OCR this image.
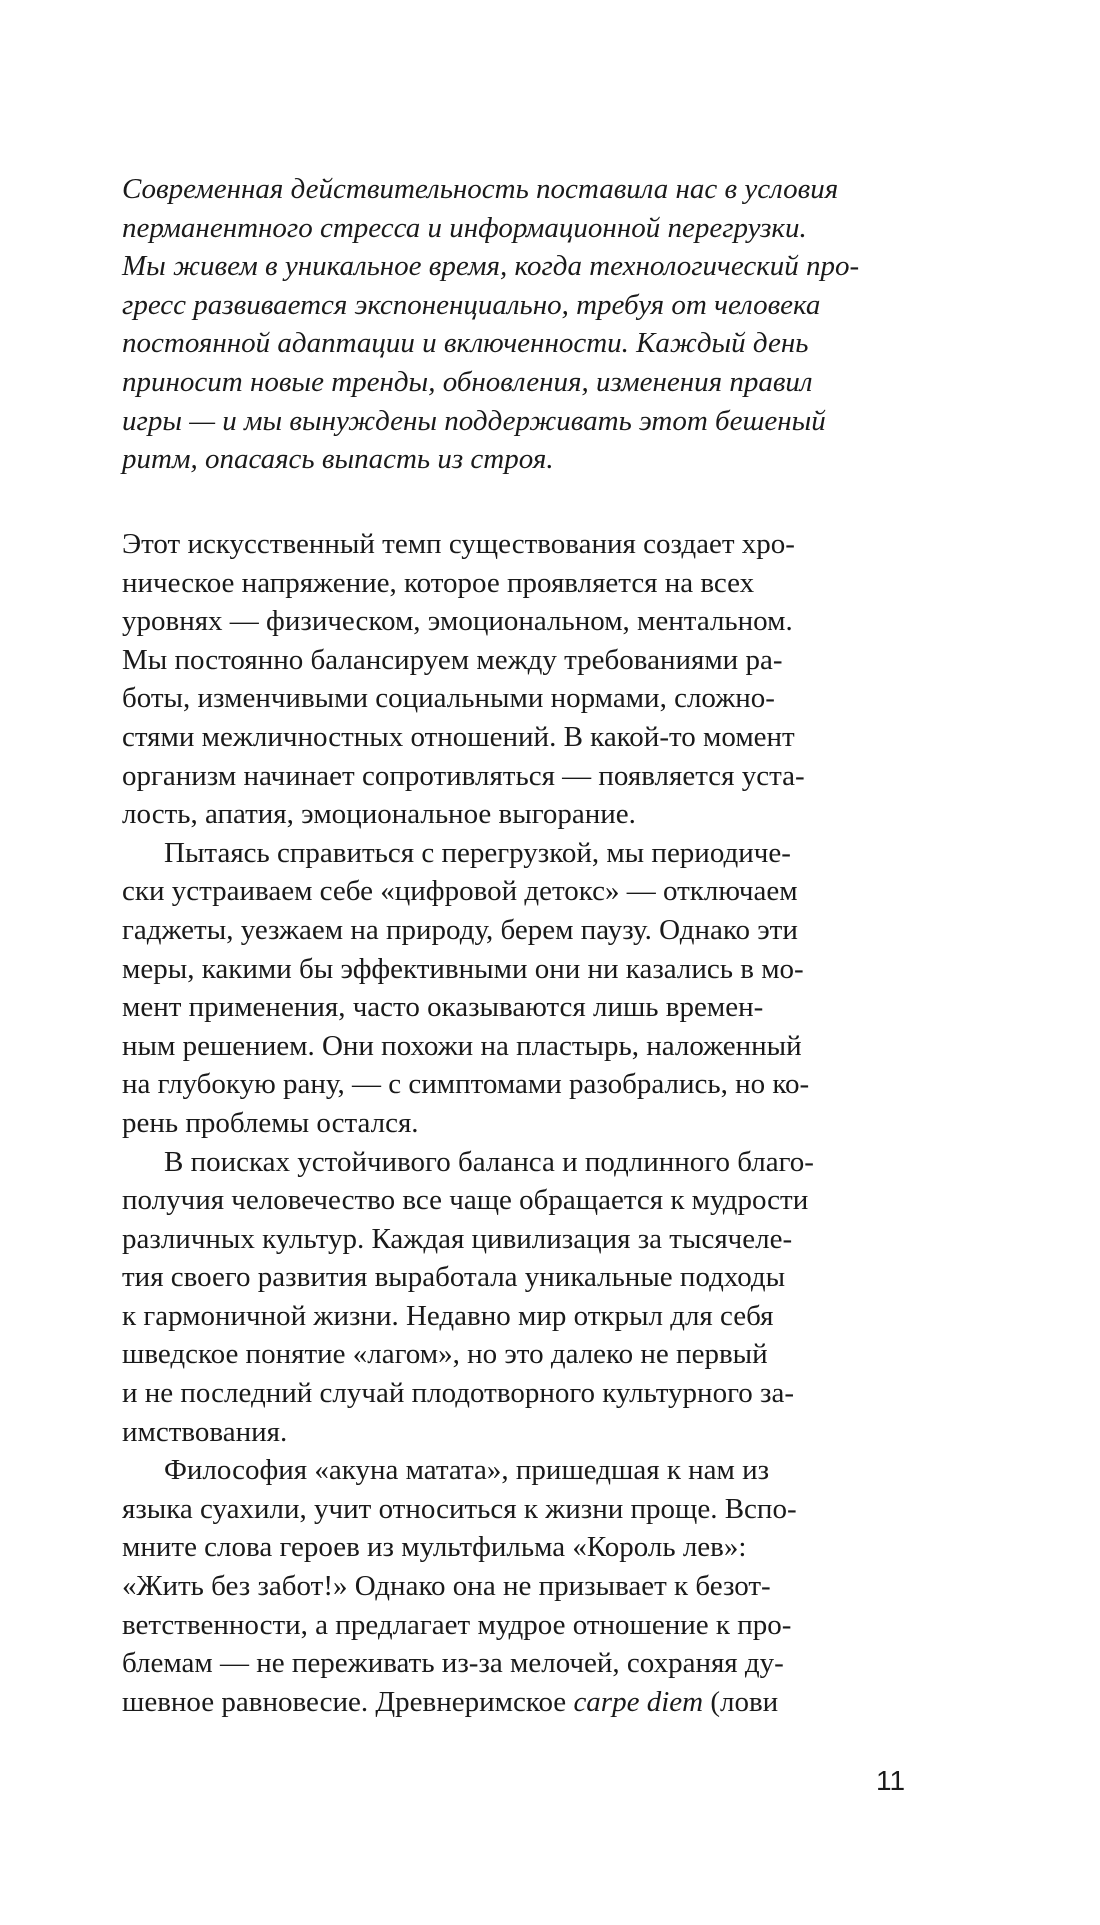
Современная действительность поставила нас в условия
перманентного стресса и информационной перегрузки.
Мы живем в уникальное время, когда технологический про-
гресс развивается экспоненциально, требуя от человека
постоянной адаптации и включенности. Каждый день
приносит новые тренды, обновления, изменения правил
игры — и мы вынуждены поддерживать этот бешеный
ритм, опасаясь выпасть из строя.
Этот искусственный темп существования создает хро-
ническое напряжение, которое проявляется на всех
уровнях — физическом, эмоциональном, ментальном.
Мы постоянно балансируем между требованиями ра-
боты, изменчивыми социальными нормами, сложно-
стями межличностных отношений. В какой-то момент
организм начинает сопротивляться — появляется уста-
лость, апатия, эмоциональное выгорание.
Пытаясь справиться с перегрузкой, мы периодиче-
ски устраиваем себе «цифровой детокс» — отключаем
гаджеты, уезжаем на природу, берем паузу. Однако эти
меры, какими бы эффективными они ни казались в мо-
мент применения, часто оказываются лишь времен-
ным решением. Они похожи на пластырь, наложенный
на глубокую рану, — с симптомами разобрались, но ко-
рень проблемы остался.
В поисках устойчивого баланса и подлинного благо-
получия человечество все чаще обращается к мудрости
различных культур. Каждая цивилизация за тысячеле-
тия своего развития выработала уникальные подходы
к гармоничной жизни. Недавно мир открыл для себя
шведское понятие «лагом», но это далеко не первый
и не последний случай плодотворного культурного за-
имствования.
Философия «акуна матата», пришедшая к нам из
языка суахили, учит относиться к жизни проще. Вспо-
мните слова героев из мультфильма «Король лев»:
«Жить без забот!» Однако она не призывает к безот-
ветственности, а предлагает мудрое отношение к про-
блемам — не переживать из-за мелочей, сохраняя ду-
шевное равновесие. Древнеримское carpe diem (лови
11
